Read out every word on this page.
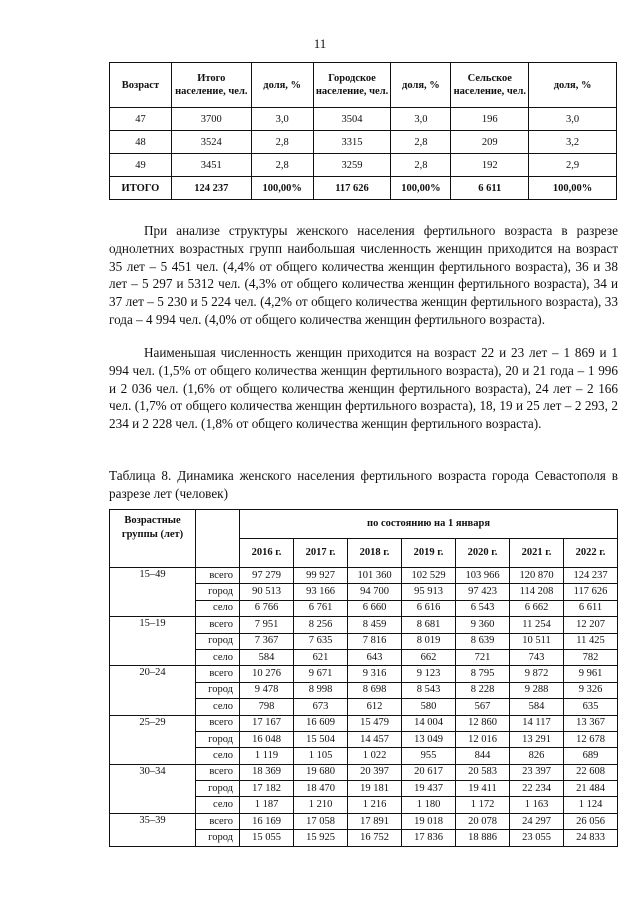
11
Возраст	Итого население, чел.	доля, %	Городское население, чел.	доля, %	Сельское население, чел.	доля, %
47	3700	3,0	3504	3,0	196	3,0
48	3524	2,8	3315	2,8	209	3,2
49	3451	2,8	3259	2,8	192	2,9
ИТОГО	124 237	100,00%	117 626	100,00%	6 611	100,00%

При анализе структуры женского населения фертильного возраста в разрезе однолетних возрастных групп наибольшая численность женщин приходится на возраст 35 лет – 5 451 чел. (4,4% от общего количества женщин фертильного возраста), 36 и 38 лет – 5 297 и 5312 чел. (4,3% от общего количества женщин фертильного возраста), 34 и 37 лет – 5 230 и 5 224 чел. (4,2% от общего количества женщин фертильного возраста), 33 года – 4 994 чел. (4,0% от общего количества женщин фертильного возраста).

Наименьшая численность женщин приходится на возраст 22 и 23 лет – 1 869 и 1 994 чел. (1,5% от общего количества женщин фертильного возраста), 20 и 21 года – 1 996 и 2 036 чел. (1,6% от общего количества женщин фертильного возраста), 24 лет – 2 166 чел. (1,7% от общего количества женщин фертильного возраста), 18, 19 и 25 лет – 2 293, 2 234 и 2 228 чел. (1,8% от общего количества женщин фертильного возраста).

Таблица 8. Динамика женского населения фертильного возраста города Севастополя в разрезе лет (человек)

Возрастные группы (лет)		по состоянию на 1 января						
		2016 г.	2017 г.	2018 г.	2019 г.	2020 г.	2021 г.	2022 г.
15–49	всего	97 279	99 927	101 360	102 529	103 966	120 870	124 237
	город	90 513	93 166	94 700	95 913	97 423	114 208	117 626
	село	6 766	6 761	6 660	6 616	6 543	6 662	6 611
15–19	всего	7 951	8 256	8 459	8 681	9 360	11 254	12 207
	город	7 367	7 635	7 816	8 019	8 639	10 511	11 425
	село	584	621	643	662	721	743	782
20–24	всего	10 276	9 671	9 316	9 123	8 795	9 872	9 961
	город	9 478	8 998	8 698	8 543	8 228	9 288	9 326
	село	798	673	612	580	567	584	635
25–29	всего	17 167	16 609	15 479	14 004	12 860	14 117	13 367
	город	16 048	15 504	14 457	13 049	12 016	13 291	12 678
	село	1 119	1 105	1 022	955	844	826	689
30–34	всего	18 369	19 680	20 397	20 617	20 583	23 397	22 608
	город	17 182	18 470	19 181	19 437	19 411	22 234	21 484
	село	1 187	1 210	1 216	1 180	1 172	1 163	1 124
35–39	всего	16 169	17 058	17 891	19 018	20 078	24 297	26 056
	город	15 055	15 925	16 752	17 836	18 886	23 055	24 833
